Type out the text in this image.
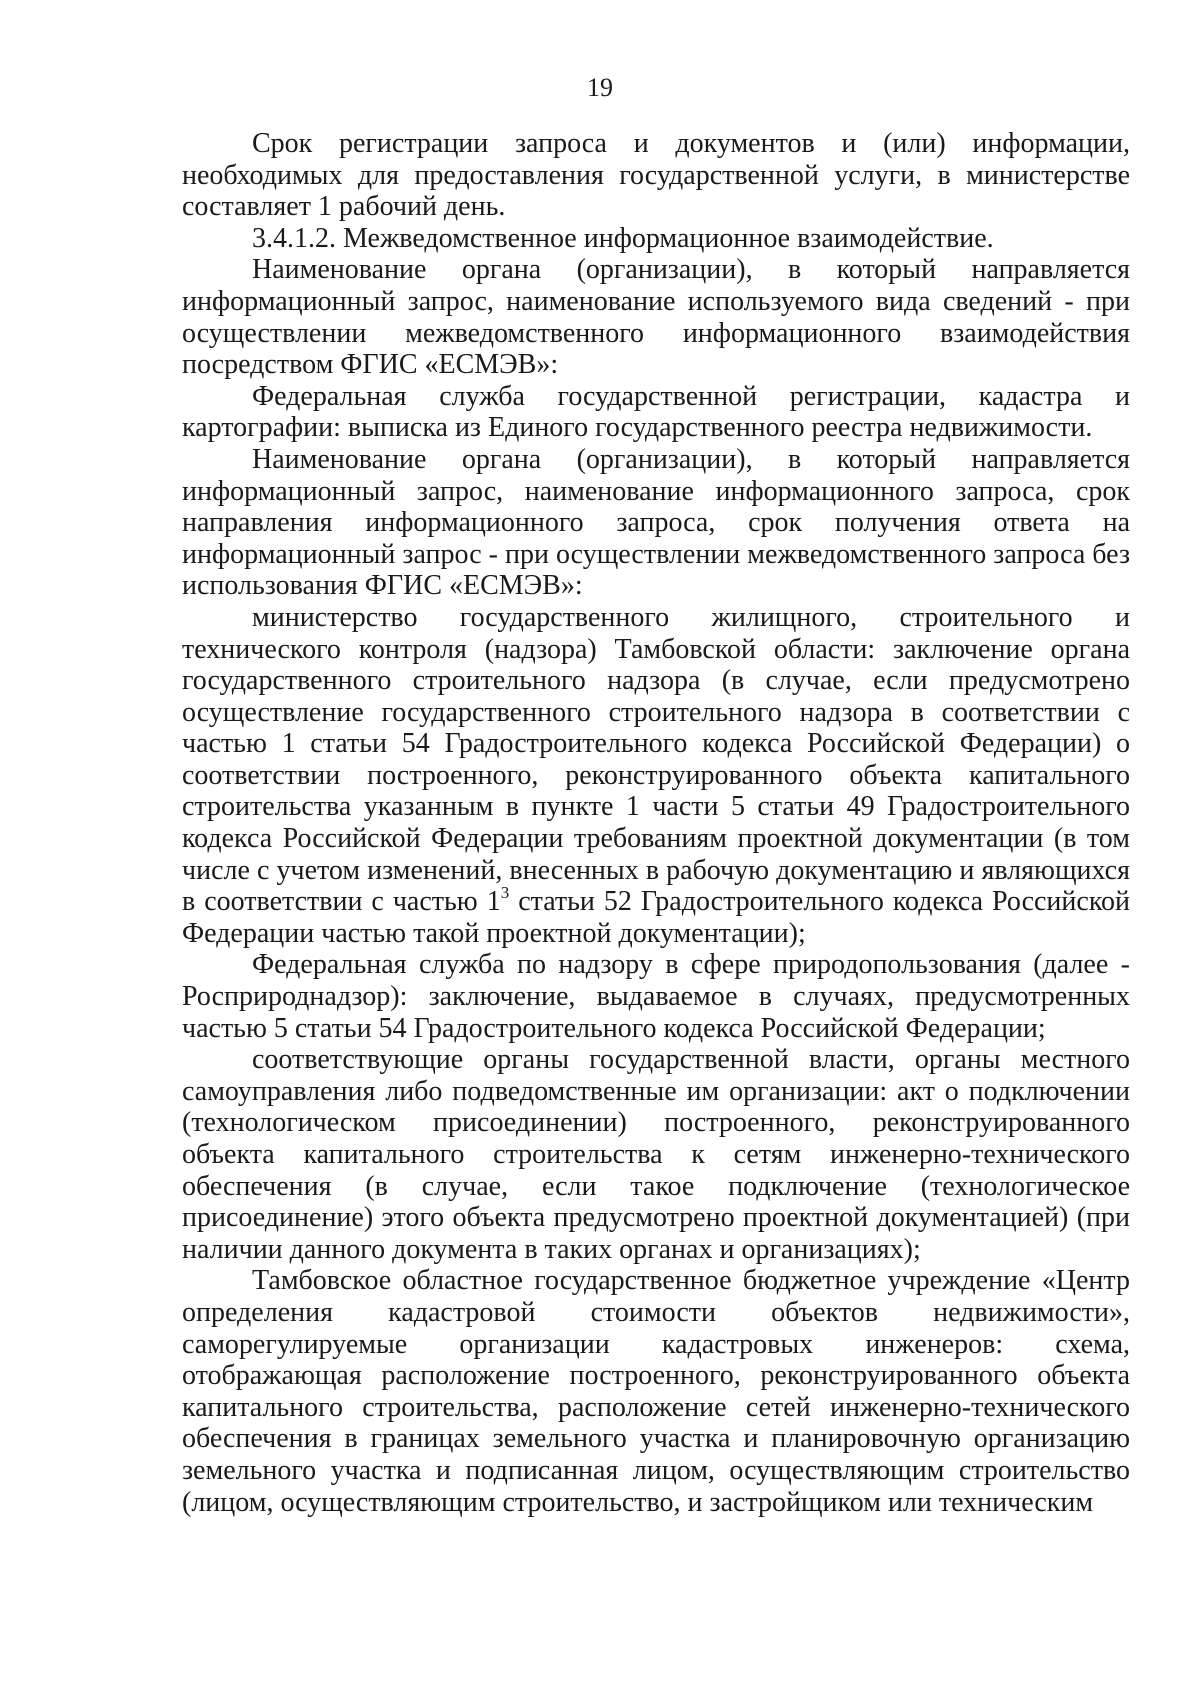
19

Срок регистрации запроса и документов и (или) информации, необходимых для предоставления государственной услуги, в министерстве составляет 1 рабочий день.

3.4.1.2. Межведомственное информационное взаимодействие.

Наименование органа (организации), в который направляется информационный запрос, наименование используемого вида сведений - при осуществлении межведомственного информационного взаимодействия посредством ФГИС «ЕСМЭВ»:

Федеральная служба государственной регистрации, кадастра и картографии: выписка из Единого государственного реестра недвижимости.

Наименование органа (организации), в который направляется информационный запрос, наименование информационного запроса, срок направления информационного запроса, срок получения ответа на информационный запрос - при осуществлении межведомственного запроса без использования ФГИС «ЕСМЭВ»:

министерство государственного жилищного, строительного и технического контроля (надзора) Тамбовской области: заключение органа государственного строительного надзора (в случае, если предусмотрено осуществление государственного строительного надзора в соответствии с частью 1 статьи 54 Градостроительного кодекса Российской Федерации) о соответствии построенного, реконструированного объекта капитального строительства указанным в пункте 1 части 5 статьи 49 Градостроительного кодекса Российской Федерации требованиям проектной документации (в том числе с учетом изменений, внесенных в рабочую документацию и являющихся в соответствии с частью $1^3$ статьи 52 Градостроительного кодекса Российской Федерации частью такой проектной документации);

Федеральная служба по надзору в сфере природопользования (далее - Росприроднадзор): заключение, выдаваемое в случаях, предусмотренных частью 5 статьи 54 Градостроительного кодекса Российской Федерации;

соответствующие органы государственной власти, органы местного самоуправления либо подведомственные им организации: акт о подключении (технологическом присоединении) построенного, реконструированного объекта капитального строительства к сетям инженерно-технического обеспечения (в случае, если такое подключение (технологическое присоединение) этого объекта предусмотрено проектной документацией) (при наличии данного документа в таких органах и организациях);

Тамбовское областное государственное бюджетное учреждение «Центр определения кадастровой стоимости объектов недвижимости», саморегулируемые организации кадастровых инженеров: схема, отображающая расположение построенного, реконструированного объекта капитального строительства, расположение сетей инженерно-технического обеспечения в границах земельного участка и планировочную организацию земельного участка и подписанная лицом, осуществляющим строительство (лицом, осуществляющим строительство, и застройщиком или техническим
